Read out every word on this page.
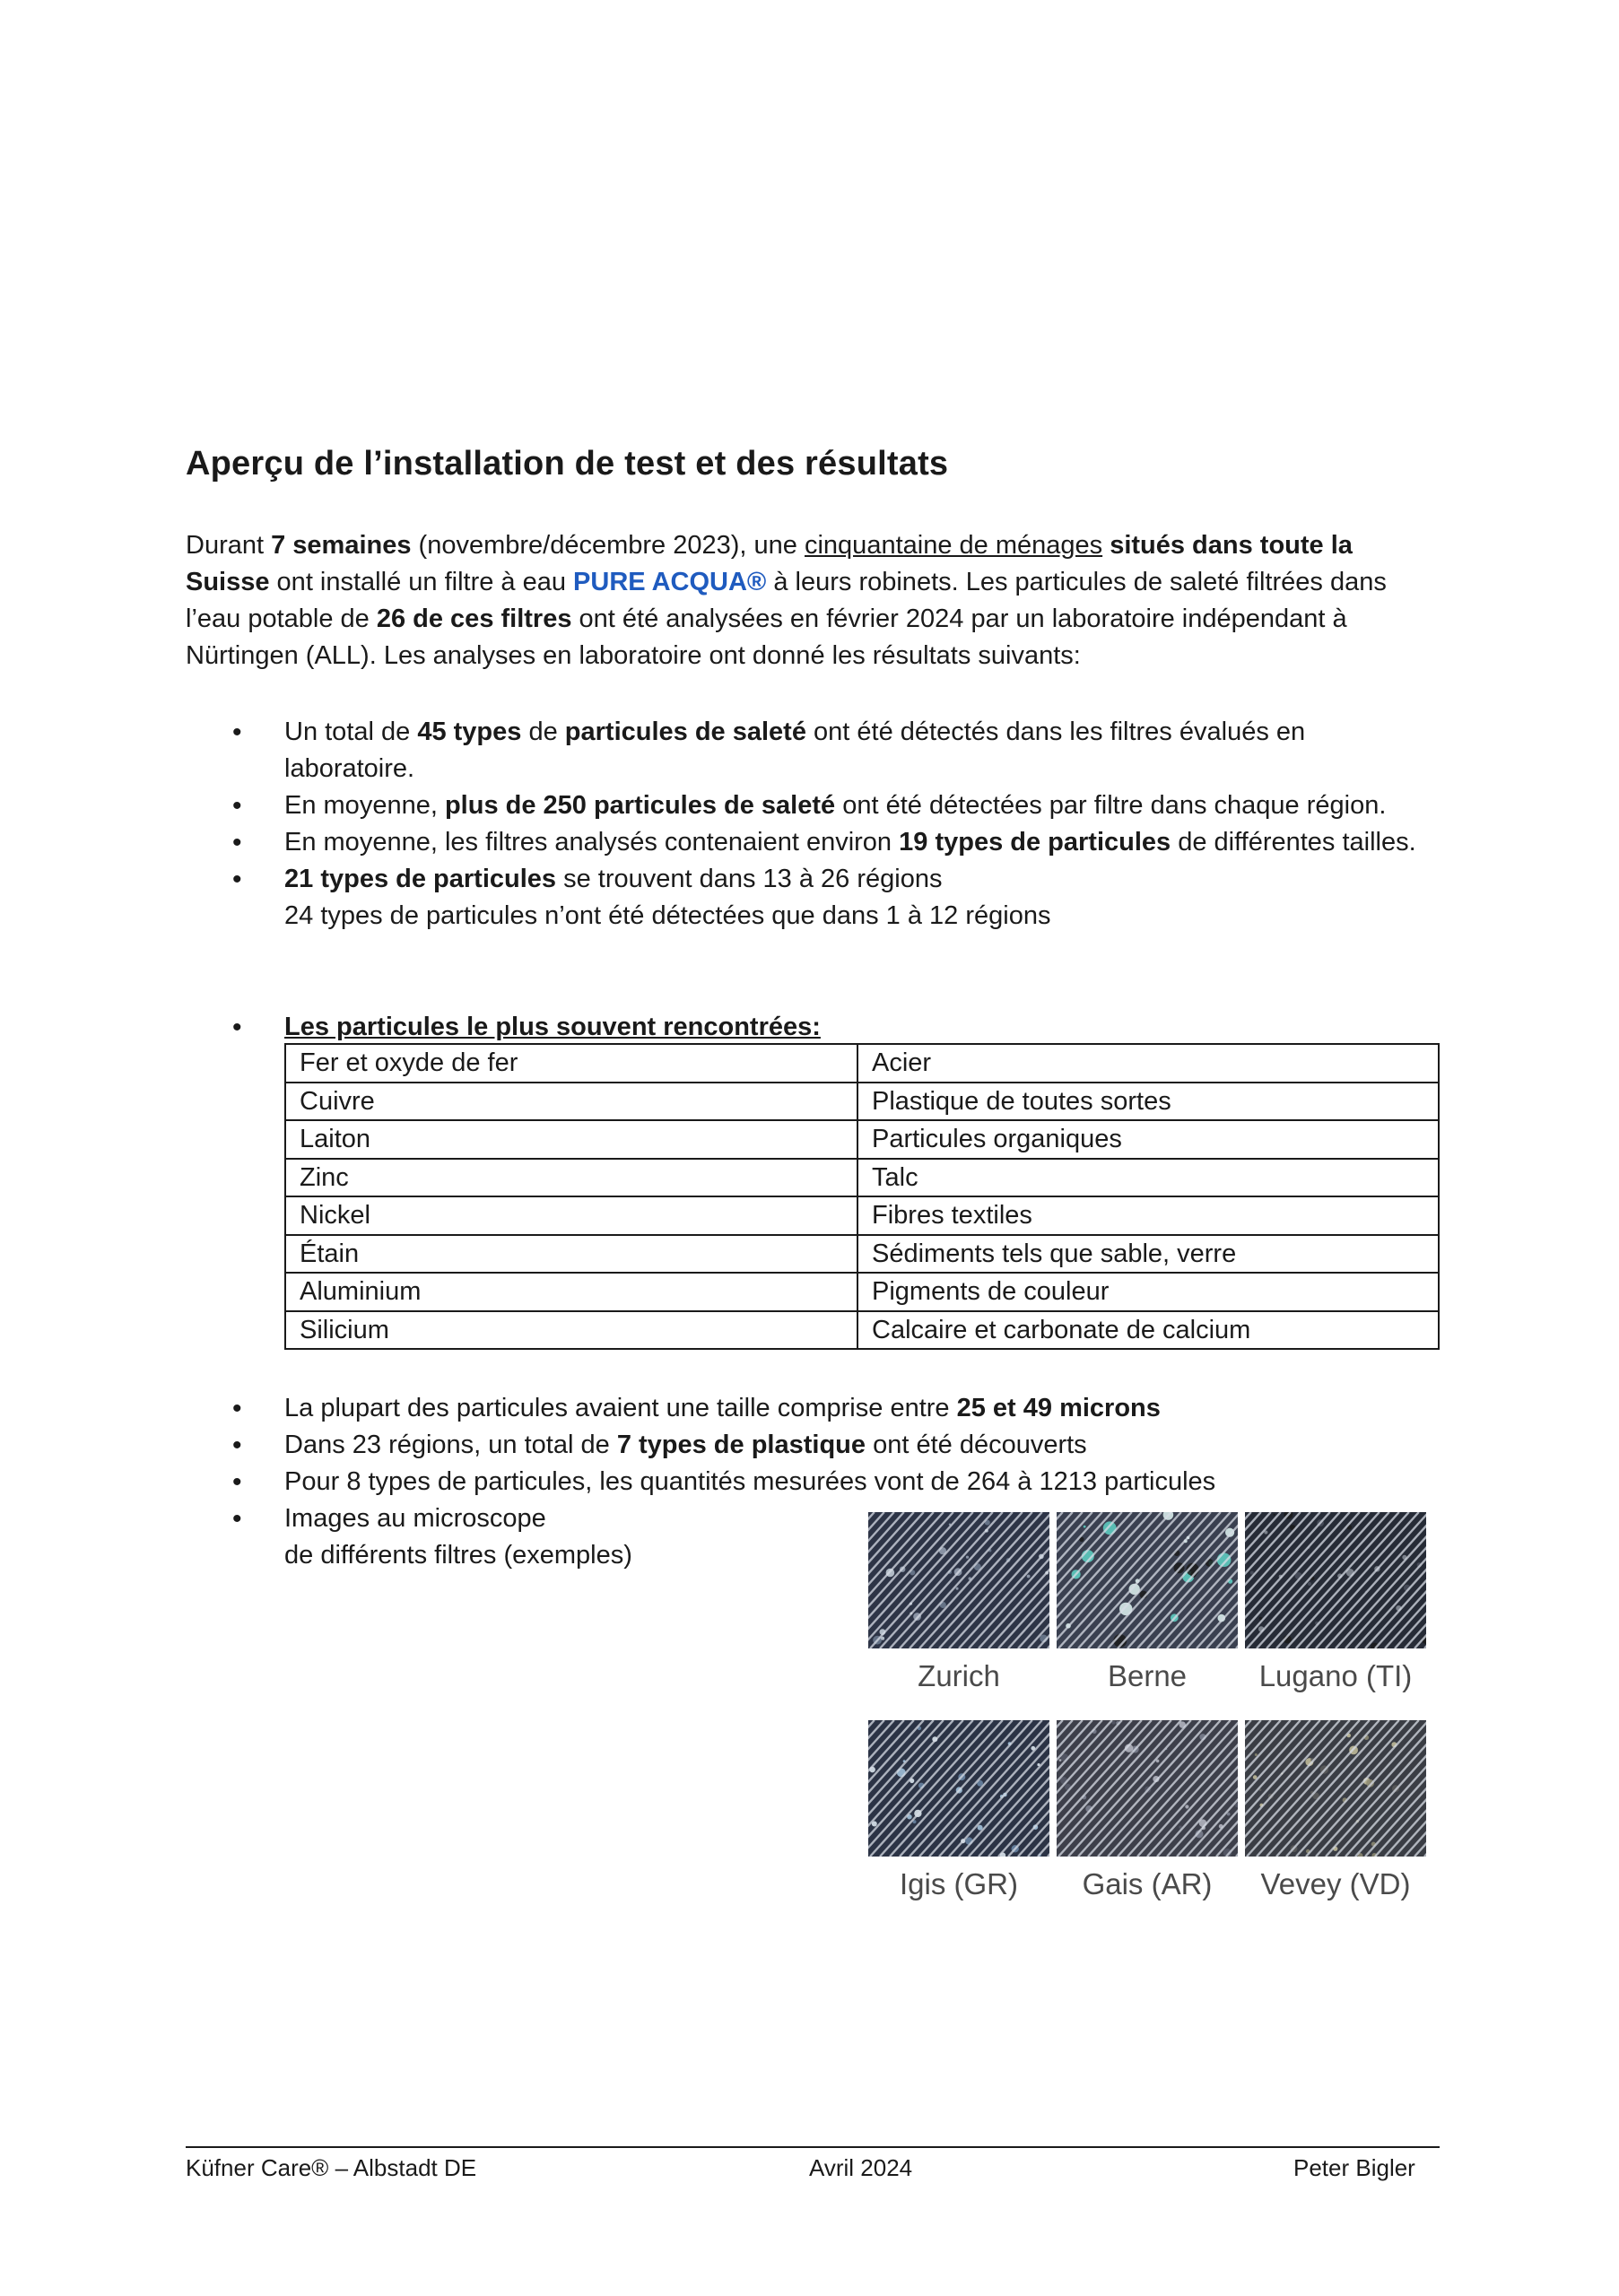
Aperçu de l’installation de test et des résultats

Durant 7 semaines (novembre/décembre 2023), une cinquantaine de ménages situés dans toute la Suisse ont installé un filtre à eau PURE ACQUA® à leurs robinets. Les particules de saleté filtrées dans l’eau potable de 26 de ces filtres ont été analysées en février 2024 par un laboratoire indépendant à Nürtingen (ALL). Les analyses en laboratoire ont donné les résultats suivants:

• Un total de 45 types de particules de saleté ont été détectés dans les filtres évalués en laboratoire.
• En moyenne, plus de 250 particules de saleté ont été détectées par filtre dans chaque région.
• En moyenne, les filtres analysés contenaient environ 19 types de particules de différentes tailles.
• 21 types de particules se trouvent dans 13 à 26 régions
24 types de particules n’ont été détectées que dans 1 à 12 régions
• Les particules le plus souvent rencontrées:
Fer et oxyde de fer	Acier
Cuivre	Plastique de toutes sortes
Laiton	Particules organiques
Zinc	Talc
Nickel	Fibres textiles
Étain	Sédiments tels que sable, verre
Aluminium	Pigments de couleur
Silicium	Calcaire et carbonate de calcium
• La plupart des particules avaient une taille comprise entre 25 et 49 microns
• Dans 23 régions, un total de 7 types de plastique ont été découverts
• Pour 8 types de particules, les quantités mesurées vont de 264 à 1213 particules
• Images au microscope
de différents filtres (exemples)
Zurich	Berne	Lugano (TI)
Igis (GR)	Gais (AR)	Vevey (VD)
Küfner Care® – Albstadt DE	Avril 2024	Peter Bigler
